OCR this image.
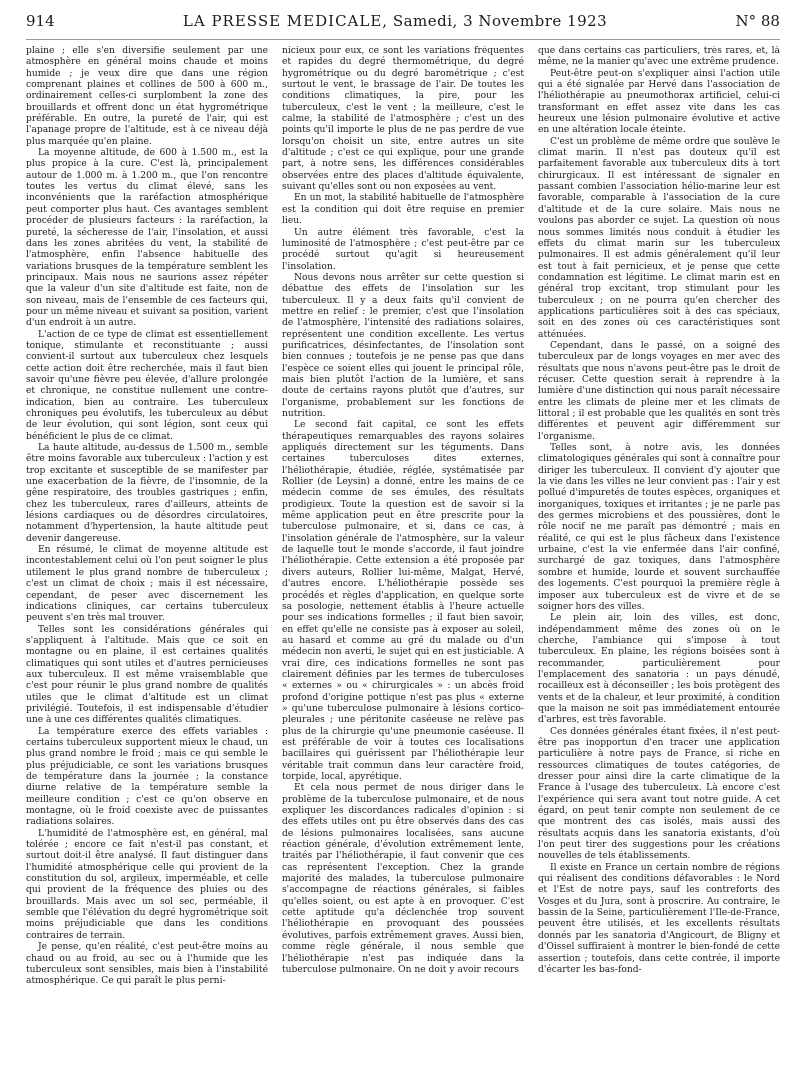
914	LA PRESSE MEDICALE, Samedi, 3 Novembre 1923	N° 88

plaine ; elle s'en diversifie seulement par une atmosphère en général moins chaude et moins humide ; je veux dire que dans une région comprenant plaines et collines de 500 à 600 m., ordinairement celles-ci surplombent la zone des brouillards et offrent donc un état hygrométrique préférable. En outre, la pureté de l'air, qui est l'apanage propre de l'altitude, est à ce niveau déjà plus marquée qu'en plaine.

La moyenne altitude, de 600 à 1.500 m., est la plus propice à la cure. C'est là, principalement autour de 1.000 m. à 1.200 m., que l'on rencontre toutes les vertus du climat élevé, sans les inconvénients que la raréfaction atmosphérique peut comporter plus haut. Ces avantages semblent procéder de plusieurs facteurs : la raréfaction, la pureté, la sécheresse de l'air, l'insolation, et aussi dans les zones abritées du vent, la stabilité de l'atmosphère, enfin l'absence habituelle des variations brusques de la température semblent les principaux. Mais nous ne saurions assez répéter que la valeur d'un site d'altitude est faite, non de son niveau, mais de l'ensemble de ces facteurs qui, pour un même niveau et suivant sa position, varient d'un endroit à un autre.

L'action de ce type de climat est essentiellement tonique, stimulante et reconstituante ; aussi convient-il surtout aux tuberculeux chez lesquels cette action doit être recherchée, mais il faut bien savoir qu'une fièvre peu élevée, d'allure prolongée et chronique, ne constitue nullement une contre-indication, bien au contraire. Les tuberculeux chroniques peu évolutifs, les tuberculeux au début de leur évolution, qui sont légion, sont ceux qui bénéficient le plus de ce climat.

La haute altitude, au-dessus de 1.500 m., semble être moins favorable aux tuberculeux : l'action y est trop excitante et susceptible de se manifester par une exacerbation de la fièvre, de l'insomnie, de la gêne respiratoire, des troubles gastriques ; enfin, chez les tuberculeux, rares d'ailleurs, atteints de lésions cardiaques ou de désordres circulatoires, notamment d'hypertension, la haute altitude peut devenir dangereuse.

En résumé, le climat de moyenne altitude est incontestablement celui où l'on peut soigner le plus utilement le plus grand nombre de tuberculeux ; c'est un climat de choix ; mais il est nécessaire, cependant, de peser avec discernement les indications cliniques, car certains tuberculeux peuvent s'en très mal trouver.

Telles sont les considérations générales qui s'appliquent à l'altitude. Mais que ce soit en montagne ou en plaine, il est certaines qualités climatiques qui sont utiles et d'autres pernicieuses aux tuberculeux. Il est même vraisemblable que c'est pour réunir le plus grand nombre de qualités utiles que le climat d'altitude est un climat privilégié. Toutefois, il est indispensable d'étudier une à une ces différentes qualités climatiques.

La température exerce des effets variables : certains tuberculeux supportent mieux le chaud, un plus grand nombre le froid ; mais ce qui semble le plus préjudiciable, ce sont les variations brusques de température dans la journée ; la constance diurne relative de la température semble la meilleure condition ; c'est ce qu'on observe en montagne, où le froid coexiste avec de puissantes radiations solaires.

L'humidité de l'atmosphère est, en général, mal tolérée ; encore ce fait n'est-il pas constant, et surtout doit-il être analysé. Il faut distinguer dans l'humidité atmosphérique celle qui provient de la constitution du sol, argileux, imperméable, et celle qui provient de la fréquence des pluies ou des brouillards. Mais avec un sol sec, perméable, il semble que l'élévation du degré hygrométrique soit moins préjudiciable que dans les conditions contraires de terrain.

Je pense, qu'en réalité, c'est peut-être moins au chaud ou au froid, au sec ou à l'humide que les tuberculeux sont sensibles, mais bien à l'instabilité atmosphérique. Ce qui paraît le plus perni-

nicieux pour eux, ce sont les variations fréquentes et rapides du degré thermométrique, du degré hygrométrique ou du degré barométrique ; c'est surtout le vent, le brassage de l'air. De toutes les conditions climatiques, la pire, pour les tuberculeux, c'est le vent ; la meilleure, c'est le calme, la stabilité de l'atmosphère ; c'est un des points qu'il importe le plus de ne pas perdre de vue lorsqu'on choisit un site, entre autres un site d'altitude ; c'est ce qui explique, pour une grande part, à notre sens, les différences considérables observées entre des places d'altitude équivalente, suivant qu'elles sont ou non exposées au vent.

En un mot, la stabilité habituelle de l'atmosphère est la condition qui doit être requise en premier lieu.

Un autre élément très favorable, c'est la luminosité de l'atmosphère ; c'est peut-être par ce procédé surtout qu'agit si heureusement l'insolation.

Nous devons nous arrêter sur cette question si débattue des effets de l'insolation sur les tuberculeux. Il y a deux faits qu'il convient de mettre en relief : le premier, c'est que l'insolation de l'atmosphère, l'intensité des radiations solaires, représentent une condition excellente. Les vertus purificatrices, désinfectantes, de l'insolation sont bien connues ; toutefois je ne pense pas que dans l'espèce ce soient elles qui jouent le principal rôle, mais bien plutôt l'action de la lumière, et sans doute de certains rayons plutôt que d'autres, sur l'organisme, probablement sur les fonctions de nutrition.

Le second fait capital, ce sont les effets thérapeutiques remarquables des rayons solaires appliqués directement sur les téguments. Dans certaines tuberculoses dites externes, l'héliothérapie, étudiée, réglée, systématisée par Rollier (de Leysin) a donné, entre les mains de ce médecin comme de ses émules, des résultats prodigieux. Toute la question est de savoir si la même application peut en être prescrite pour la tuberculose pulmonaire, et si, dans ce cas, à l'insolation générale de l'atmosphère, sur la valeur de laquelle tout le monde s'accorde, il faut joindre l'héliothérapie. Cette extension a été proposée par divers auteurs, Rollier lui-même, Malgat, Hervé, d'autres encore. L'héliothérapie possède ses procédés et règles d'application, en quelque sorte sa posologie, nettement établis à l'heure actuelle pour ses indications formelles ; il faut bien savoir, en effet qu'elle ne consiste pas à exposer au soleil, au hasard et comme au gré du malade ou d'un médecin non averti, le sujet qui en est justiciable. A vrai dire, ces indications formelles ne sont pas clairement définies par les termes de tuberculoses « externes » ou « chirurgicales » : un abcès froid profond d'origine pottique n'est pas plus « externe » qu'une tuberculose pulmonaire à lésions cortico-pleurales ; une péritonite caséeuse ne relève pas plus de la chirurgie qu'une pneumonie caséeuse. Il est préférable de voir à toutes ces localisations bacillaires qui guérissent par l'héliothérapie leur véritable trait commun dans leur caractère froid, torpide, local, apyrétique.

Et cela nous permet de nous diriger dans le problème de la tuberculose pulmonaire, et de nous expliquer les discordances radicales d'opinion : si des effets utiles ont pu être observés dans des cas de lésions pulmonaires localisées, sans aucune réaction générale, d'évolution extrêmement lente, traités par l'héliothérapie, il faut convenir que ces cas représentent l'exception. Chez la grande majorité des malades, la tuberculose pulmonaire s'accompagne de réactions générales, si faibles qu'elles soient, ou est apte à en provoquer. C'est cette aptitude qu'a déclenchée trop souvent l'héliothérapie en provoquant des poussées évolutives, parfois extrêmement graves. Aussi bien, comme règle générale, il nous semble que l'héliothérapie n'est pas indiquée dans la tuberculose pulmonaire. On ne doit y avoir recours

que dans certains cas particuliers, très rares, et, là même, ne la manier qu'avec une extrême prudence.

Peut-être peut-on s'expliquer ainsi l'action utile qui a été signalée par Hervé dans l'association de l'héliothérapie au pneumothorax artificiel, celui-ci transformant en effet assez vite dans les cas heureux une lésion pulmonaire évolutive et active en une altération locale éteinte.

C'est un problème de même ordre que soulève le climat marin. Il n'est pas douteux qu'il est parfaitement favorable aux tuberculeux dits à tort chirurgicaux. Il est intéressant de signaler en passant combien l'association hélio-marine leur est favorable, comparable à l'association de la cure d'altitude et de la cure solaire. Mais nous ne voulons pas aborder ce sujet. La question où nous nous sommes limités nous conduit à étudier les effets du climat marin sur les tuberculeux pulmonaires. Il est admis généralement qu'il leur est tout à fait pernicieux, et je pense que cette condamnation est légitime. Le climat marin est en général trop excitant, trop stimulant pour les tuberculeux ; on ne pourra qu'en chercher des applications particulières soit à des cas spéciaux, soit en des zones où ces caractéristiques sont atténuées.

Cependant, dans le passé, on a soigné des tuberculeux par de longs voyages en mer avec des résultats que nous n'avons peut-être pas le droit de récuser. Cette question serait à reprendre à la lumière d'une distinction qui nous paraît nécessaire entre les climats de pleine mer et les climats de littoral ; il est probable que les qualités en sont très différentes et peuvent agir différemment sur l'organisme.

Telles sont, à notre avis, les données climatologiques générales qui sont à connaître pour diriger les tuberculeux. Il convient d'y ajouter que la vie dans les villes ne leur convient pas : l'air y est pollué d'impuretés de toutes espèces, organiques et inorganiques, toxiques et irritantes ; je ne parle pas des germes microbiens et des poussières, dont le rôle nocif ne me paraît pas démontré ; mais en réalité, ce qui est le plus fâcheux dans l'existence urbaine, c'est la vie enfermée dans l'air confiné, surchargé de gaz toxiques, dans l'atmosphère sombre et humide, lourde et souvent surchauffée des logements. C'est pourquoi la première règle à imposer aux tuberculeux est de vivre et de se soigner hors des villes.

Le plein air, loin des villes, est donc, indépendamment même des zones où on le cherche, l'ambiance qui s'impose à tout tuberculeux. En plaine, les régions boisées sont à recommander, particulièrement pour l'emplacement des sanatoria : un pays dénudé, rocailleux est à déconseiller ; les bois protègent des vents et de la chaleur, et leur proximité, à condition que la maison ne soit pas immédiatement entourée d'arbres, est très favorable.

Ces données générales étant fixées, il n'est peut-être pas inopportun d'en tracer une application particulière à notre pays de France, si riche en ressources climatiques de toutes catégories, de dresser pour ainsi dire la carte climatique de la France à l'usage des tuberculeux. Là encore c'est l'expérience qui sera avant tout notre guide. A cet égard, on peut tenir compte non seulement de ce que montrent des cas isolés, mais aussi des résultats acquis dans les sanatoria existants, d'où l'on peut tirer des suggestions pour les créations nouvelles de tels établissements.

Il existe en France un certain nombre de régions qui réalisent des conditions défavorables : le Nord et l'Est de notre pays, sauf les contreforts des Vosges et du Jura, sont à proscrire. Au contraire, le bassin de la Seine, particulièrement l'Ile-de-France, peuvent être utilisés, et les excellents résultats donnés par les sanatoria d'Angicourt, de Bligny et d'Oissel suffiraient à montrer le bien-fondé de cette assertion ; toutefois, dans cette contrée, il importe d'écarter les bas-fond-
